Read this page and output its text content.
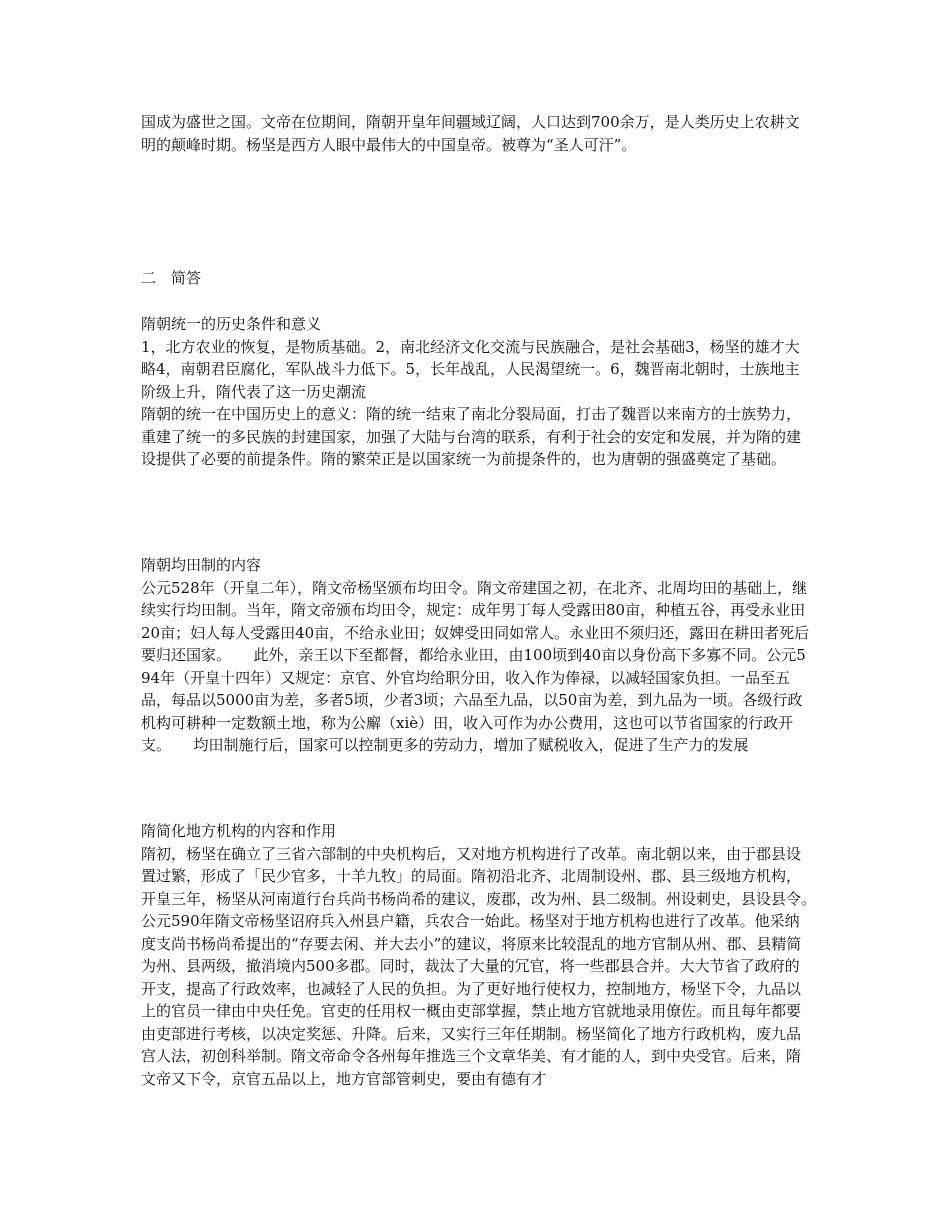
国成为盛世之国。文帝在位期间，隋朝开皇年间疆域辽阔，人口达到700余万，是人类历史上农耕文明的颠峰时期。杨坚是西方人眼中最伟大的中国皇帝。被尊为“圣人可汗”。

二 简答

隋朝统一的历史条件和意义

1，北方农业的恢复，是物质基础。2，南北经济文化交流与民族融合，是社会基础3，杨坚的雄才大略4，南朝君臣腐化，军队战斗力低下。5，长年战乱，人民渴望统一。6，魏晋南北朝时，士族地主阶级上升，隋代表了这一历史潮流

隋朝的统一在中国历史上的意义：隋的统一结束了南北分裂局面，打击了魏晋以来南方的士族势力，重建了统一的多民族的封建国家，加强了大陆与台湾的联系，有利于社会的安定和发展，并为隋的建设提供了必要的前提条件。隋的繁荣正是以国家统一为前提条件的，也为唐朝的强盛奠定了基础。

隋朝均田制的内容

公元528年（开皇二年），隋文帝杨坚颁布均田令。隋文帝建国之初，在北齐、北周均田的基础上，继续实行均田制。当年，隋文帝颁布均田令，规定：成年男丁每人受露田80亩，种植五谷，再受永业田20亩；妇人每人受露田40亩，不给永业田；奴婢受田同如常人。永业田不须归还，露田在耕田者死后要归还国家。　　此外，亲王以下至都督，都给永业田，由100顷到40亩以身份高下多寡不同。公元594年（开皇十四年）又规定：京官、外官均给职分田，收入作为俸禄，以减轻国家负担。一品至五品，每品以5000亩为差，多者5顷，少者3顷；六品至九品，以50亩为差，到九品为一顷。各级行政机构可耕种一定数额土地，称为公廨（xiè）田，收入可作为办公费用，这也可以节省国家的行政开支。　　均田制施行后，国家可以控制更多的劳动力，增加了赋税收入，促进了生产力的发展

隋简化地方机构的内容和作用

隋初，杨坚在确立了三省六部制的中央机构后，又对地方机构进行了改革。南北朝以来，由于郡县设置过繁，形成了「民少官多，十羊九牧」的局面。隋初沿北齐、北周制设州、郡、县三级地方机构，开皇三年，杨坚从河南道行台兵尚书杨尚希的建议，废郡，改为州、县二级制。州设刺史，县设县令。　　公元590年隋文帝杨坚诏府兵入州县户籍，兵农合一始此。杨坚对于地方机构也进行了改革。他采纳度支尚书杨尚希提出的“存要去闲、并大去小”的建议，将原来比较混乱的地方官制从州、郡、县精简为州、县两级，撤消境内500多郡。同时，裁汰了大量的冗官，将一些郡县合并。大大节省了政府的开支，提高了行政效率，也减轻了人民的负担。为了更好地行使权力，控制地方，杨坚下令，九品以上的官员一律由中央任免。官吏的任用权一概由吏部掌握，禁止地方官就地录用僚佐。而且每年都要由吏部进行考核，以决定奖惩、升降。后来，又实行三年任期制。杨坚简化了地方行政机构，废九品宫人法，初创科举制。隋文帝命令各州每年推选三个文章华美、有才能的人，到中央受官。后来，隋文帝又下令，京官五品以上，地方官部管刺史，要由有德有才
